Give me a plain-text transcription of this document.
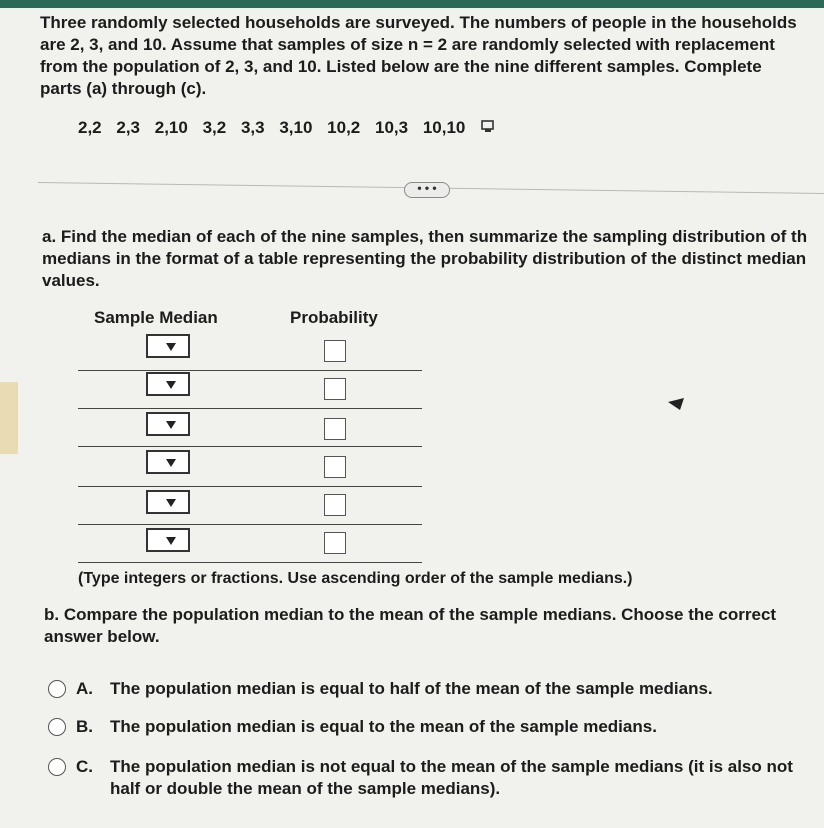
Three randomly selected households are surveyed. The numbers of people in the households
are 2, 3, and 10. Assume that samples of size n = 2 are randomly selected with replacement
from the population of 2, 3, and 10. Listed below are the nine different samples. Complete
parts (a) through (c).
2,2 2,3 2,10 3,2 3,3 3,10 10,2 10,3 10,10
• • •
a. Find the median of each of the nine samples, then summarize the sampling distribution of th
medians in the format of a table representing the probability distribution of the distinct median
values.
Sample Median	Probability
(Type integers or fractions. Use ascending order of the sample medians.)
b. Compare the population median to the mean of the sample medians. Choose the correct
answer below.
A. The population median is equal to half of the mean of the sample medians.
B. The population median is equal to the mean of the sample medians.
C. The population median is not equal to the mean of the sample medians (it is also not
half or double the mean of the sample medians).
